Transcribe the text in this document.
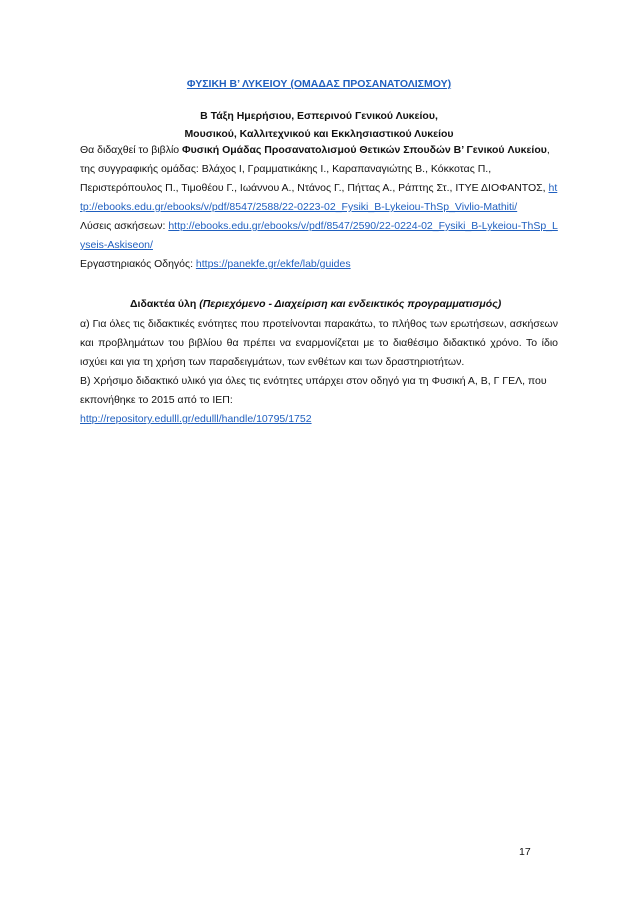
ΦΥΣΙΚΗ Β’ ΛΥΚΕΙΟΥ (ΟΜΑΔΑΣ ΠΡΟΣΑΝΑΤΟΛΙΣΜΟΥ)
Β Τάξη Ημερήσιου, Εσπερινού Γενικού Λυκείου,
Μουσικού, Καλλιτεχνικού και Εκκλησιαστικού Λυκείου

Θα διδαχθεί το βιβλίο Φυσική Ομάδας Προσανατολισμού Θετικών Σπουδών Β’ Γενικού Λυκείου, της συγγραφικής ομάδας: Βλάχος Ι, Γραμματικάκης Ι., Καραπαναγιώτης Β., Κόκκοτας Π., Περιστερόπουλος Π., Τιμοθέου Γ., Ιωάννου Α., Ντάνος Γ., Πήττας Α., Ράπτης Στ., ΙΤΥΕ ΔΙΟΦΑΝΤΟΣ, http://ebooks.edu.gr/ebooks/v/pdf/8547/2588/22-0223-02_Fysiki_B-Lykeiou-ThSp_Vivlio-Mathiti/

Λύσεις ασκήσεων: http://ebooks.edu.gr/ebooks/v/pdf/8547/2590/22-0224-02_Fysiki_B-Lykeiou-ThSp_Lyseis-Askiseon/

Εργαστηριακός Οδηγός: https://panekfe.gr/ekfe/lab/guides

Διδακτέα ύλη (Περιεχόμενο - Διαχείριση και ενδεικτικός προγραμματισμός)

α) Για όλες τις διδακτικές ενότητες που προτείνονται παρακάτω, το πλήθος των ερωτήσεων, ασκήσεων και προβλημάτων του βιβλίου θα πρέπει να εναρμονίζεται με το διαθέσιμο διδακτικό χρόνο. Το ίδιο ισχύει και για τη χρήση των παραδειγμάτων, των ενθέτων και των δραστηριοτήτων.

Β) Χρήσιμο διδακτικό υλικό για όλες τις ενότητες υπάρχει στον οδηγό για τη Φυσική Α, Β, Γ ΓΕΛ, που εκπονήθηκε το 2015 από το ΙΕΠ:

http://repository.edulll.gr/edulll/handle/10795/1752

17
